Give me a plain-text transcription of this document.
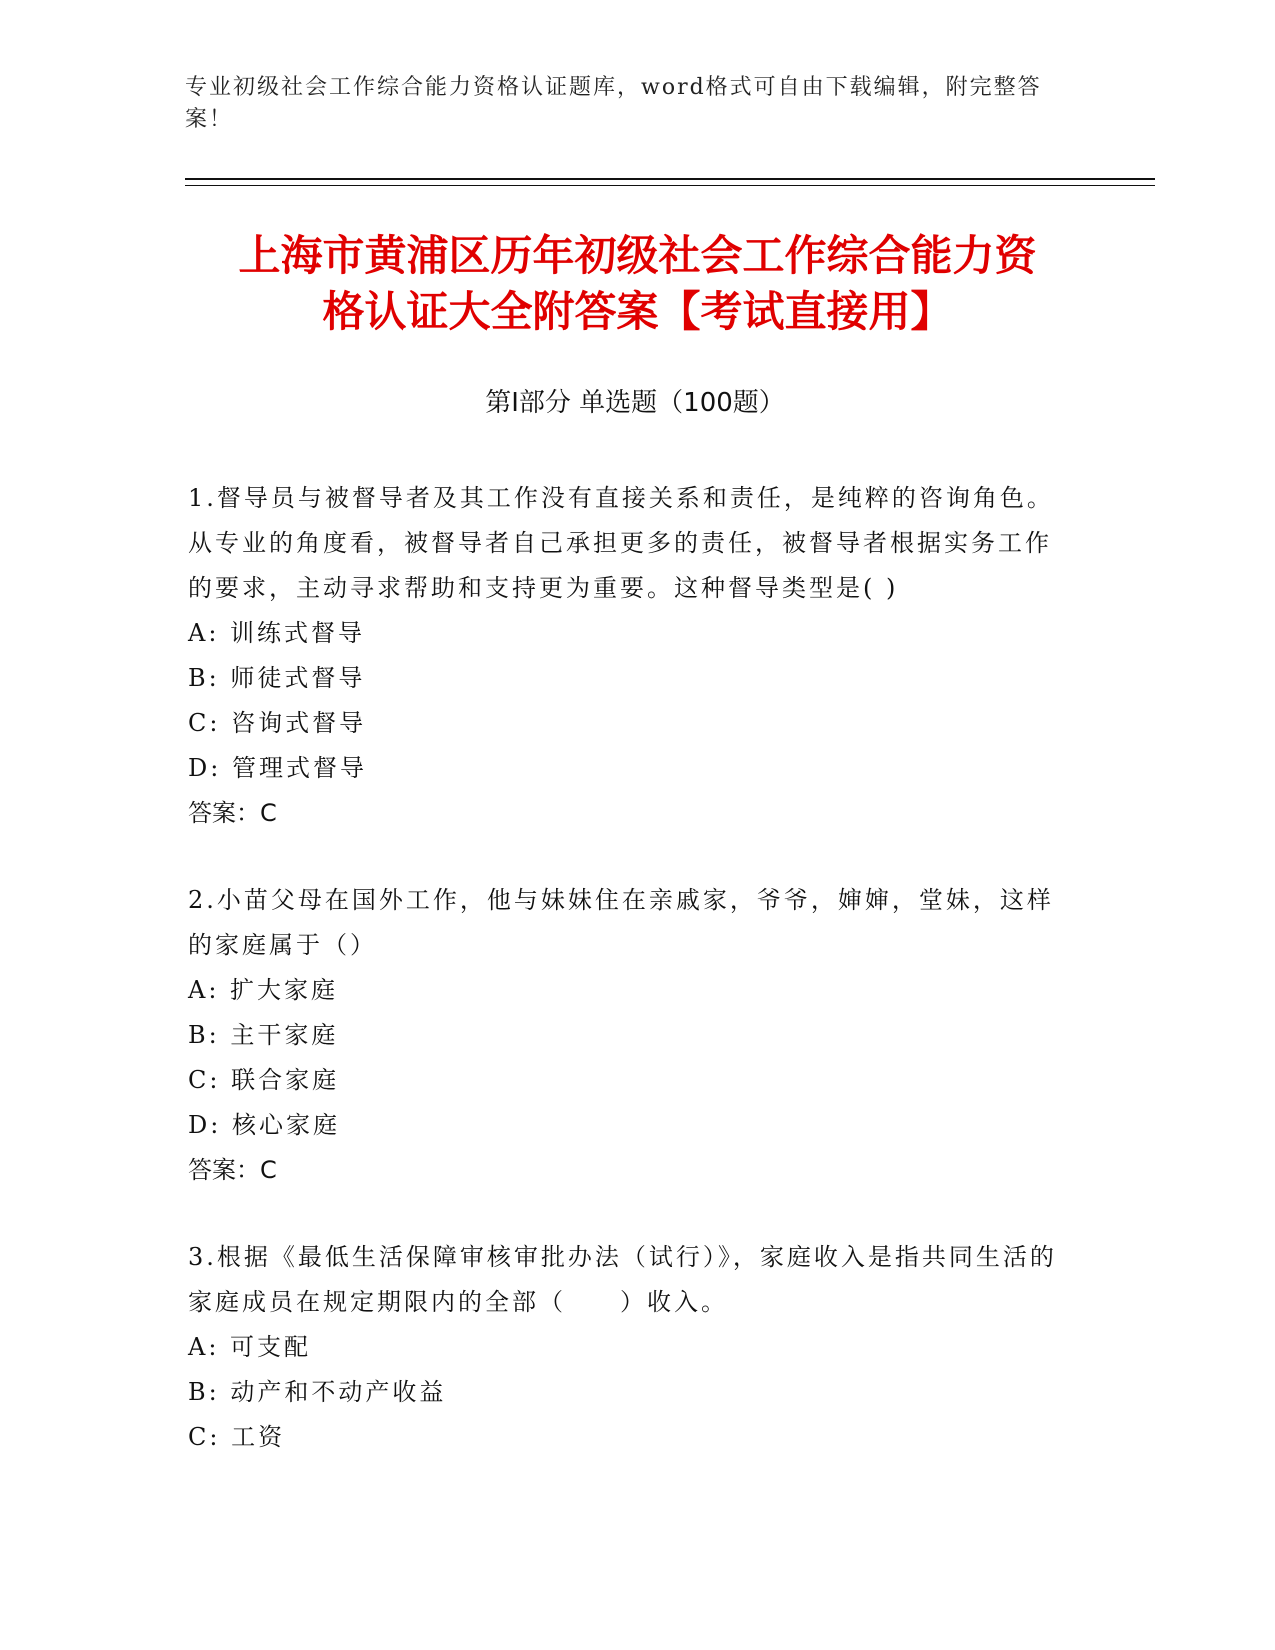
专业初级社会工作综合能力资格认证题库，word格式可自由下载编辑，附完整答案！
上海市黄浦区历年初级社会工作综合能力资
格认证大全附答案【考试直接用】
第Ⅰ部分 单选题（100题）
1.督导员与被督导者及其工作没有直接关系和责任，是纯粹的咨询角色。从专业的角度看，被督导者自己承担更多的责任，被督导者根据实务工作的要求，主动寻求帮助和支持更为重要。这种督导类型是( )
A: 训练式督导
B: 师徒式督导
C: 咨询式督导
D: 管理式督导
答案：C
2.小苗父母在国外工作，他与妹妹住在亲戚家，爷爷，婶婶，堂妹，这样的家庭属于（）
A: 扩大家庭
B: 主干家庭
C: 联合家庭
D: 核心家庭
答案：C
3.根据《最低生活保障审核审批办法（试行）》，家庭收入是指共同生活的家庭成员在规定期限内的全部（　　）收入。
A: 可支配
B: 动产和不动产收益
C: 工资
